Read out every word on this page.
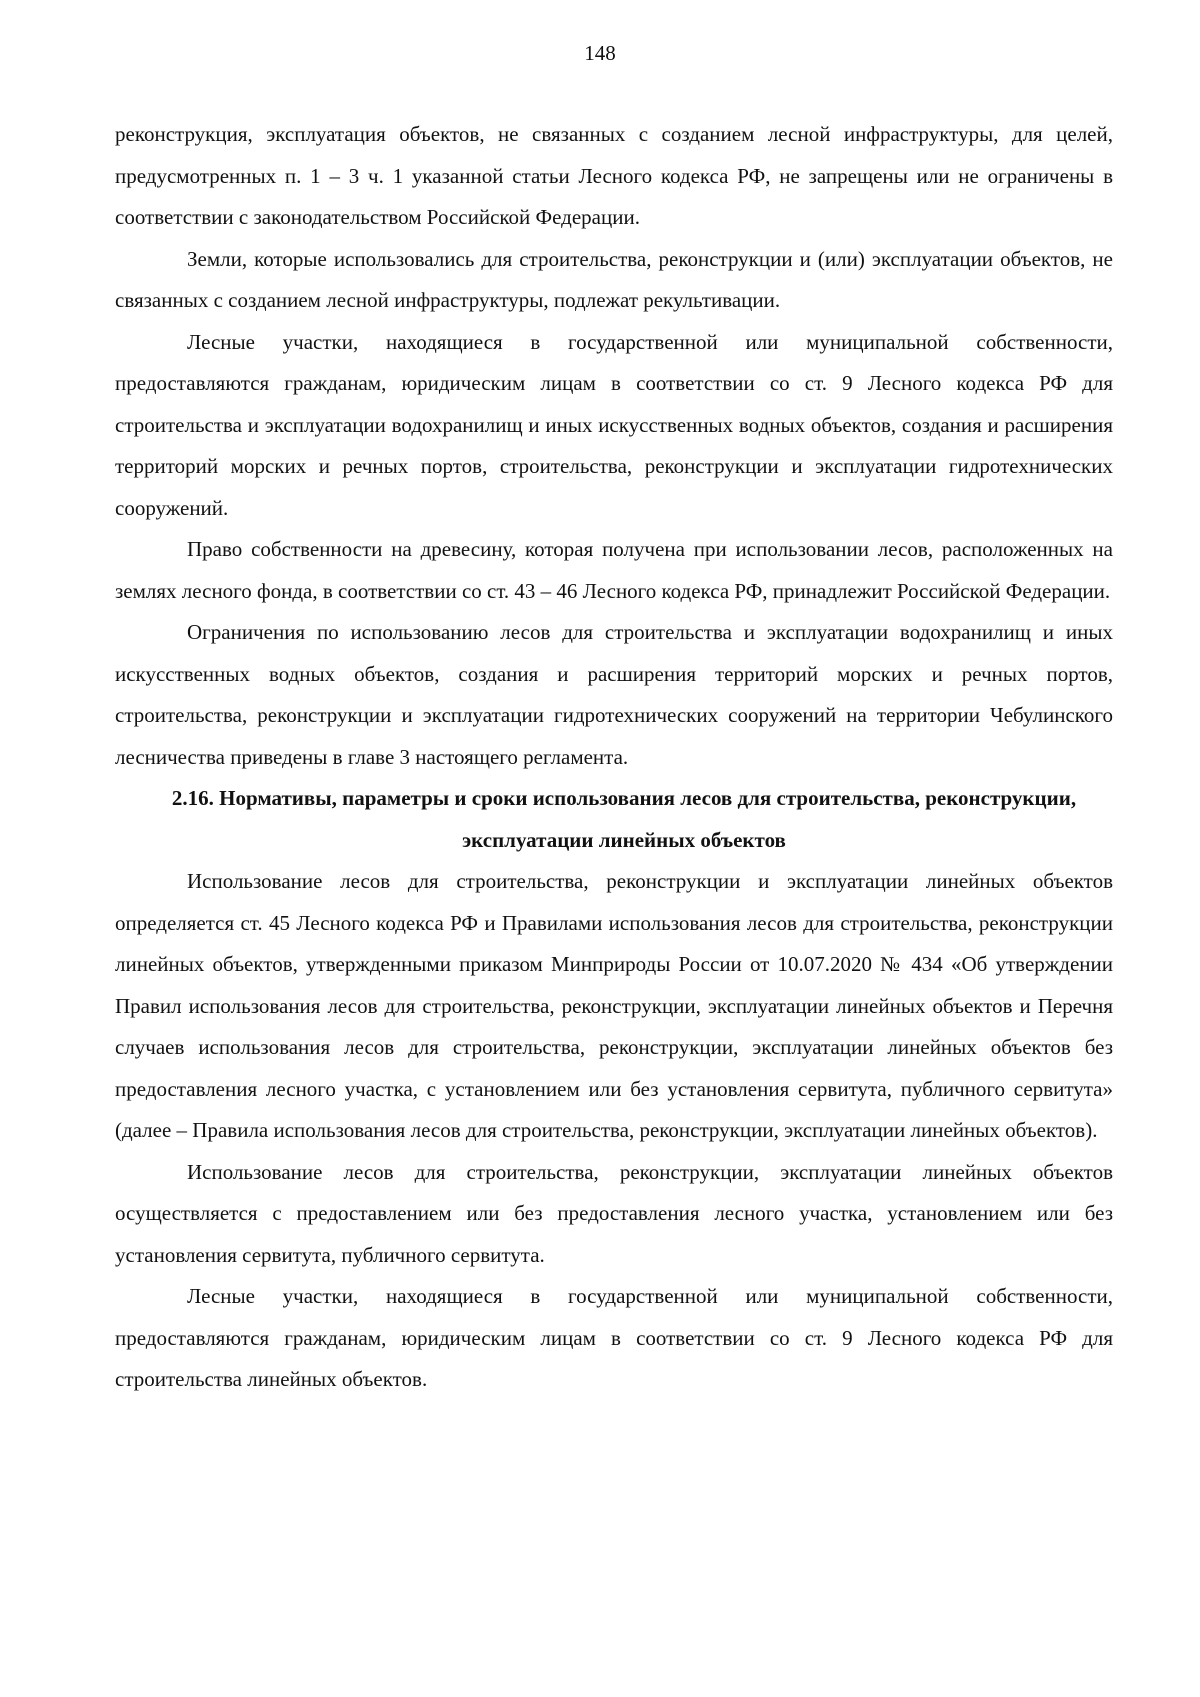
148

реконструкция, эксплуатация объектов, не связанных с созданием лесной инфраструктуры, для целей, предусмотренных п. 1 – 3 ч. 1 указанной статьи Лесного кодекса РФ, не запрещены или не ограничены в соответствии с законодательством Российской Федерации.

Земли, которые использовались для строительства, реконструкции и (или) эксплуатации объектов, не связанных с созданием лесной инфраструктуры, подлежат рекультивации.

Лесные участки, находящиеся в государственной или муниципальной собственности, предоставляются гражданам, юридическим лицам в соответствии со ст. 9 Лесного кодекса РФ для строительства и эксплуатации водохранилищ и иных искусственных водных объектов, создания и расширения территорий морских и речных портов, строительства, реконструкции и эксплуатации гидротехнических сооружений.

Право собственности на древесину, которая получена при использовании лесов, расположенных на землях лесного фонда, в соответствии со ст. 43 – 46 Лесного кодекса РФ, принадлежит Российской Федерации.

Ограничения по использованию лесов для строительства и эксплуатации водохранилищ и иных искусственных водных объектов, создания и расширения территорий морских и речных портов, строительства, реконструкции и эксплуатации гидротехнических сооружений на территории Чебулинского лесничества приведены в главе 3 настоящего регламента.

2.16. Нормативы, параметры и сроки использования лесов для строительства, реконструкции, эксплуатации линейных объектов

Использование лесов для строительства, реконструкции и эксплуатации линейных объектов определяется ст. 45 Лесного кодекса РФ и Правилами использования лесов для строительства, реконструкции линейных объектов, утвержденными приказом Минприроды России от 10.07.2020 № 434 «Об утверждении Правил использования лесов для строительства, реконструкции, эксплуатации линейных объектов и Перечня случаев использования лесов для строительства, реконструкции, эксплуатации линейных объектов без предоставления лесного участка, с установлением или без установления сервитута, публичного сервитута» (далее – Правила использования лесов для строительства, реконструкции, эксплуатации линейных объектов).

Использование лесов для строительства, реконструкции, эксплуатации линейных объектов осуществляется с предоставлением или без предоставления лесного участка, установлением или без установления сервитута, публичного сервитута.

Лесные участки, находящиеся в государственной или муниципальной собственности, предоставляются гражданам, юридическим лицам в соответствии со ст. 9 Лесного кодекса РФ для строительства линейных объектов.
